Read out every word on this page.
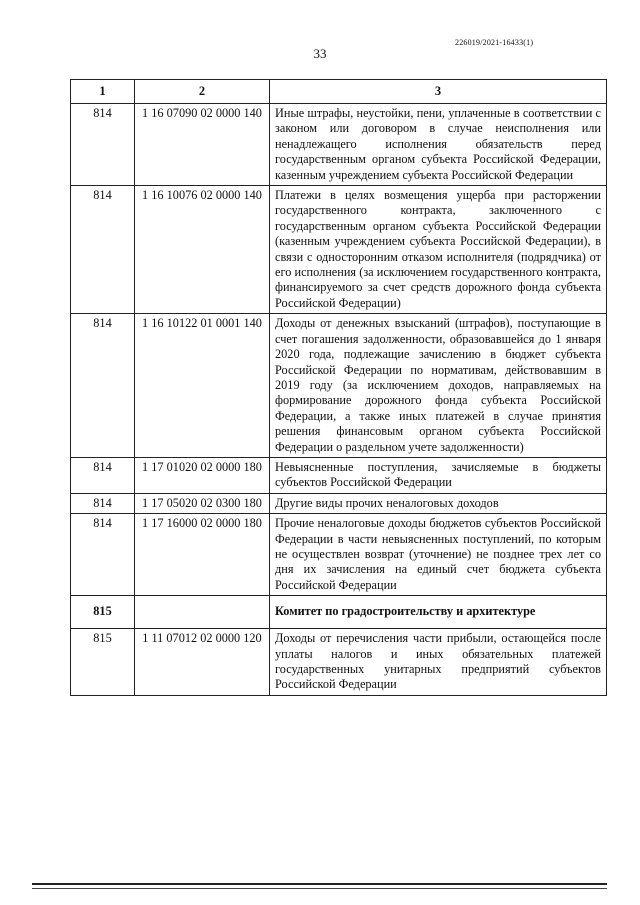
226019/2021-16433(1)
33
1	2	3
814	1 16 07090 02 0000 140	Иные штрафы, неустойки, пени, уплаченные в соответствии с законом или договором в случае неисполнения или ненадлежащего исполнения обязательств перед государственным органом субъекта Российской Федерации, казенным учреждением субъекта Российской Федерации
814	1 16 10076 02 0000 140	Платежи в целях возмещения ущерба при расторжении государственного контракта, заключенного с государственным органом субъекта Российской Федерации (казенным учреждением субъекта Российской Федерации), в связи с односторонним отказом исполнителя (подрядчика) от его исполнения (за исключением государственного контракта, финансируемого за счет средств дорожного фонда субъекта Российской Федерации)
814	1 16 10122 01 0001 140	Доходы от денежных взысканий (штрафов), поступающие в счет погашения задолженности, образовавшейся до 1 января 2020 года, подлежащие зачислению в бюджет субъекта Российской Федерации по нормативам, действовавшим в 2019 году (за исключением доходов, направляемых на формирование дорожного фонда субъекта Российской Федерации, а также иных платежей в случае принятия решения финансовым органом субъекта Российской Федерации о раздельном учете задолженности)
814	1 17 01020 02 0000 180	Невыясненные поступления, зачисляемые в бюджеты субъектов Российской Федерации
814	1 17 05020 02 0300 180	Другие виды прочих неналоговых доходов
814	1 17 16000 02 0000 180	Прочие неналоговые доходы бюджетов субъектов Российской Федерации в части невыясненных поступлений, по которым не осуществлен возврат (уточнение) не позднее трех лет со дня их зачисления на единый счет бюджета субъекта Российской Федерации
815		Комитет по градостроительству и архитектуре
815	1 11 07012 02 0000 120	Доходы от перечисления части прибыли, остающейся после уплаты налогов и иных обязательных платежей государственных унитарных предприятий субъектов Российской Федерации
